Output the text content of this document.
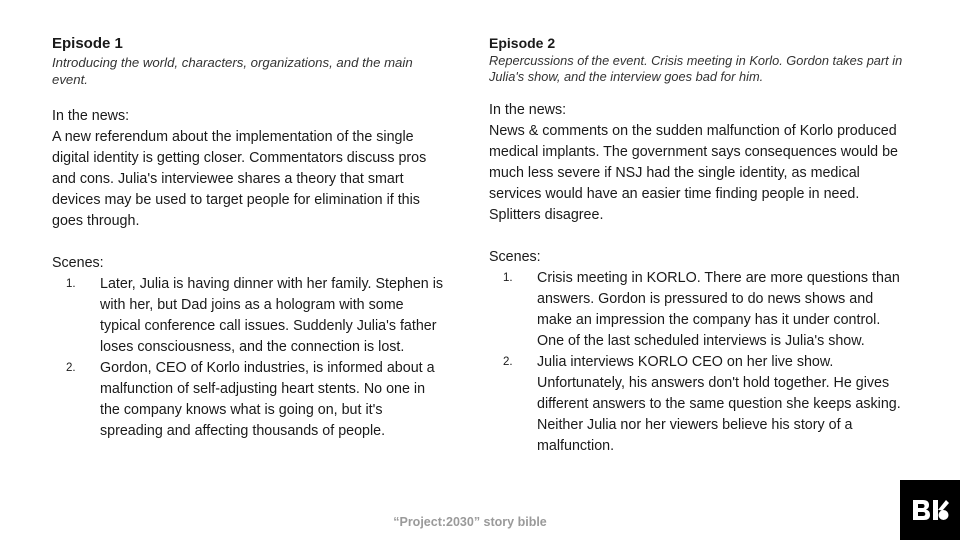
Episode 1

Introducing the world, characters, organizations, and the main event.

In the news:

A new referendum about the implementation of the single digital identity is getting closer. Commentators discuss pros and cons. Julia's interviewee shares a theory that smart devices may be used to target people for elimination if this goes through.

Scenes:

1. Later, Julia is having dinner with her family. Stephen is with her, but Dad joins as a hologram with some typical conference call issues. Suddenly Julia's father loses consciousness, and the connection is lost.
2. Gordon, CEO of Korlo industries, is informed about a malfunction of self-adjusting heart stents. No one in the company knows what is going on, but it's spreading and affecting thousands of people.

Episode 2

Repercussions of the event. Crisis meeting in Korlo. Gordon takes part in Julia's show, and the interview goes bad for him.

In the news:

News & comments on the sudden malfunction of Korlo produced medical implants. The government says consequences would be much less severe if NSJ had the single identity, as medical services would have an easier time finding people in need. Splitters disagree.

Scenes:

1. Crisis meeting in KORLO. There are more questions than answers. Gordon is pressured to do news shows and make an impression the company has it under control. One of the last scheduled interviews is Julia's show.
2. Julia interviews KORLO CEO on her live show. Unfortunately, his answers don't hold together. He gives different answers to the same question she keeps asking. Neither Julia nor her viewers believe his story of a malfunction.
“Project:2030” story bible
